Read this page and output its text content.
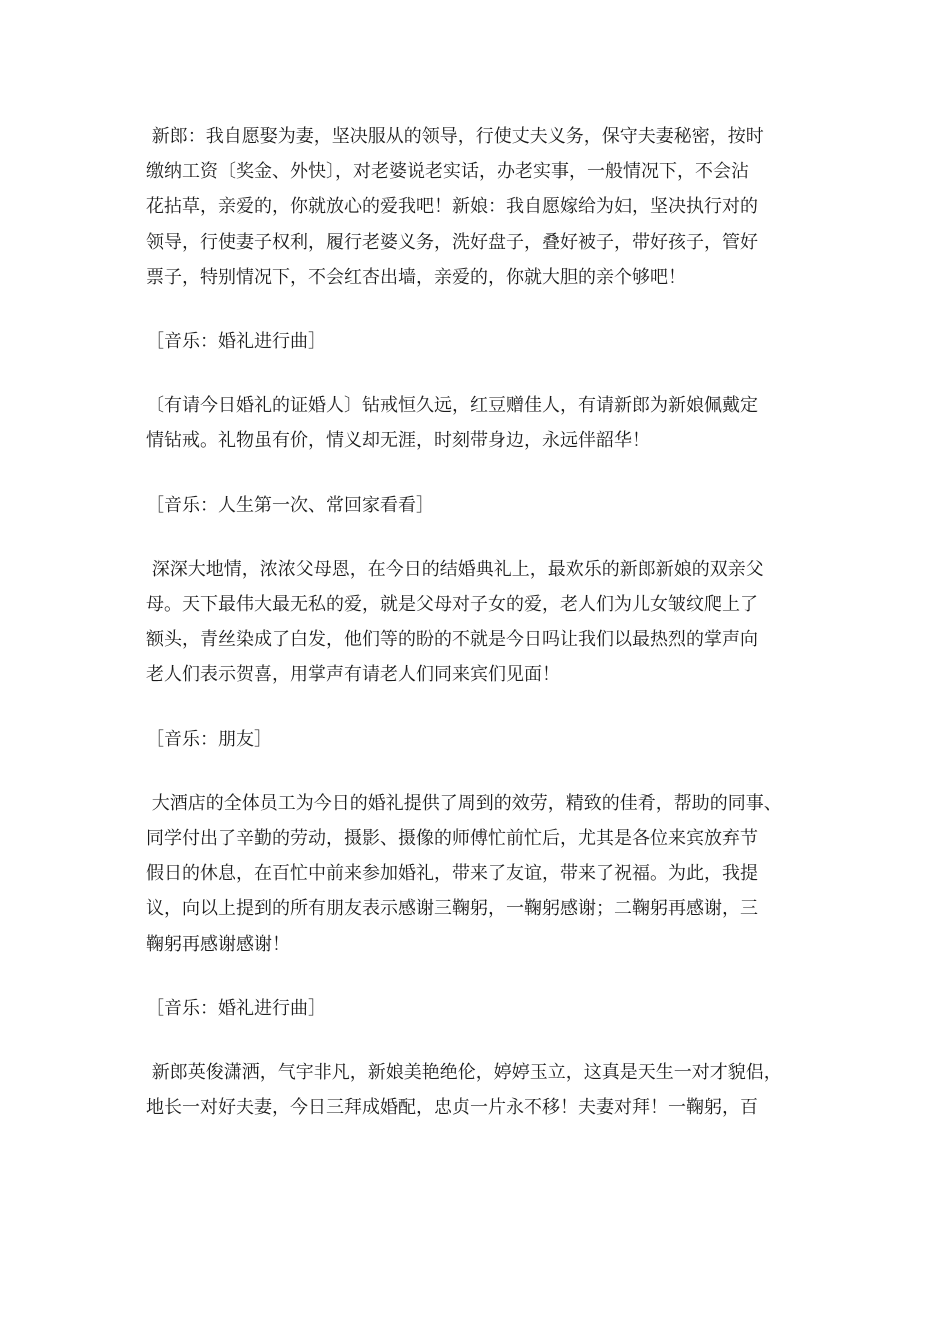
新郎：我自愿娶为妻，坚决服从的领导，行使丈夫义务，保守夫妻秘密，按时
缴纳工资〔奖金、外快〕，对老婆说老实话，办老实事，一般情况下，不会沾
花拈草，亲爱的，你就放心的爱我吧！新娘：我自愿嫁给为妇，坚决执行对的
领导，行使妻子权利，履行老婆义务，洗好盘子，叠好被子，带好孩子，管好
票子，特别情况下，不会红杏出墙，亲爱的，你就大胆的亲个够吧！
［音乐：婚礼进行曲］
〔有请今日婚礼的证婚人〕钻戒恒久远，红豆赠佳人，有请新郎为新娘佩戴定
情钻戒。礼物虽有价，情义却无涯，时刻带身边，永远伴韶华！
［音乐：人生第一次、常回家看看］
深深大地情，浓浓父母恩，在今日的结婚典礼上，最欢乐的新郎新娘的双亲父
母。天下最伟大最无私的爱，就是父母对子女的爱，老人们为儿女皱纹爬上了
额头，青丝染成了白发，他们等的盼的不就是今日吗让我们以最热烈的掌声向
老人们表示贺喜，用掌声有请老人们同来宾们见面！
［音乐：朋友］
大酒店的全体员工为今日的婚礼提供了周到的效劳，精致的佳肴，帮助的同事、
同学付出了辛勤的劳动，摄影、摄像的师傅忙前忙后，尤其是各位来宾放弃节
假日的休息，在百忙中前来参加婚礼，带来了友谊，带来了祝福。为此，我提
议，向以上提到的所有朋友表示感谢三鞠躬，一鞠躬感谢；二鞠躬再感谢，三
鞠躬再感谢感谢！
［音乐：婚礼进行曲］
新郎英俊潇洒，气宇非凡，新娘美艳绝伦，婷婷玉立，这真是天生一对才貌侣，
地长一对好夫妻，今日三拜成婚配，忠贞一片永不移！夫妻对拜！一鞠躬，百
